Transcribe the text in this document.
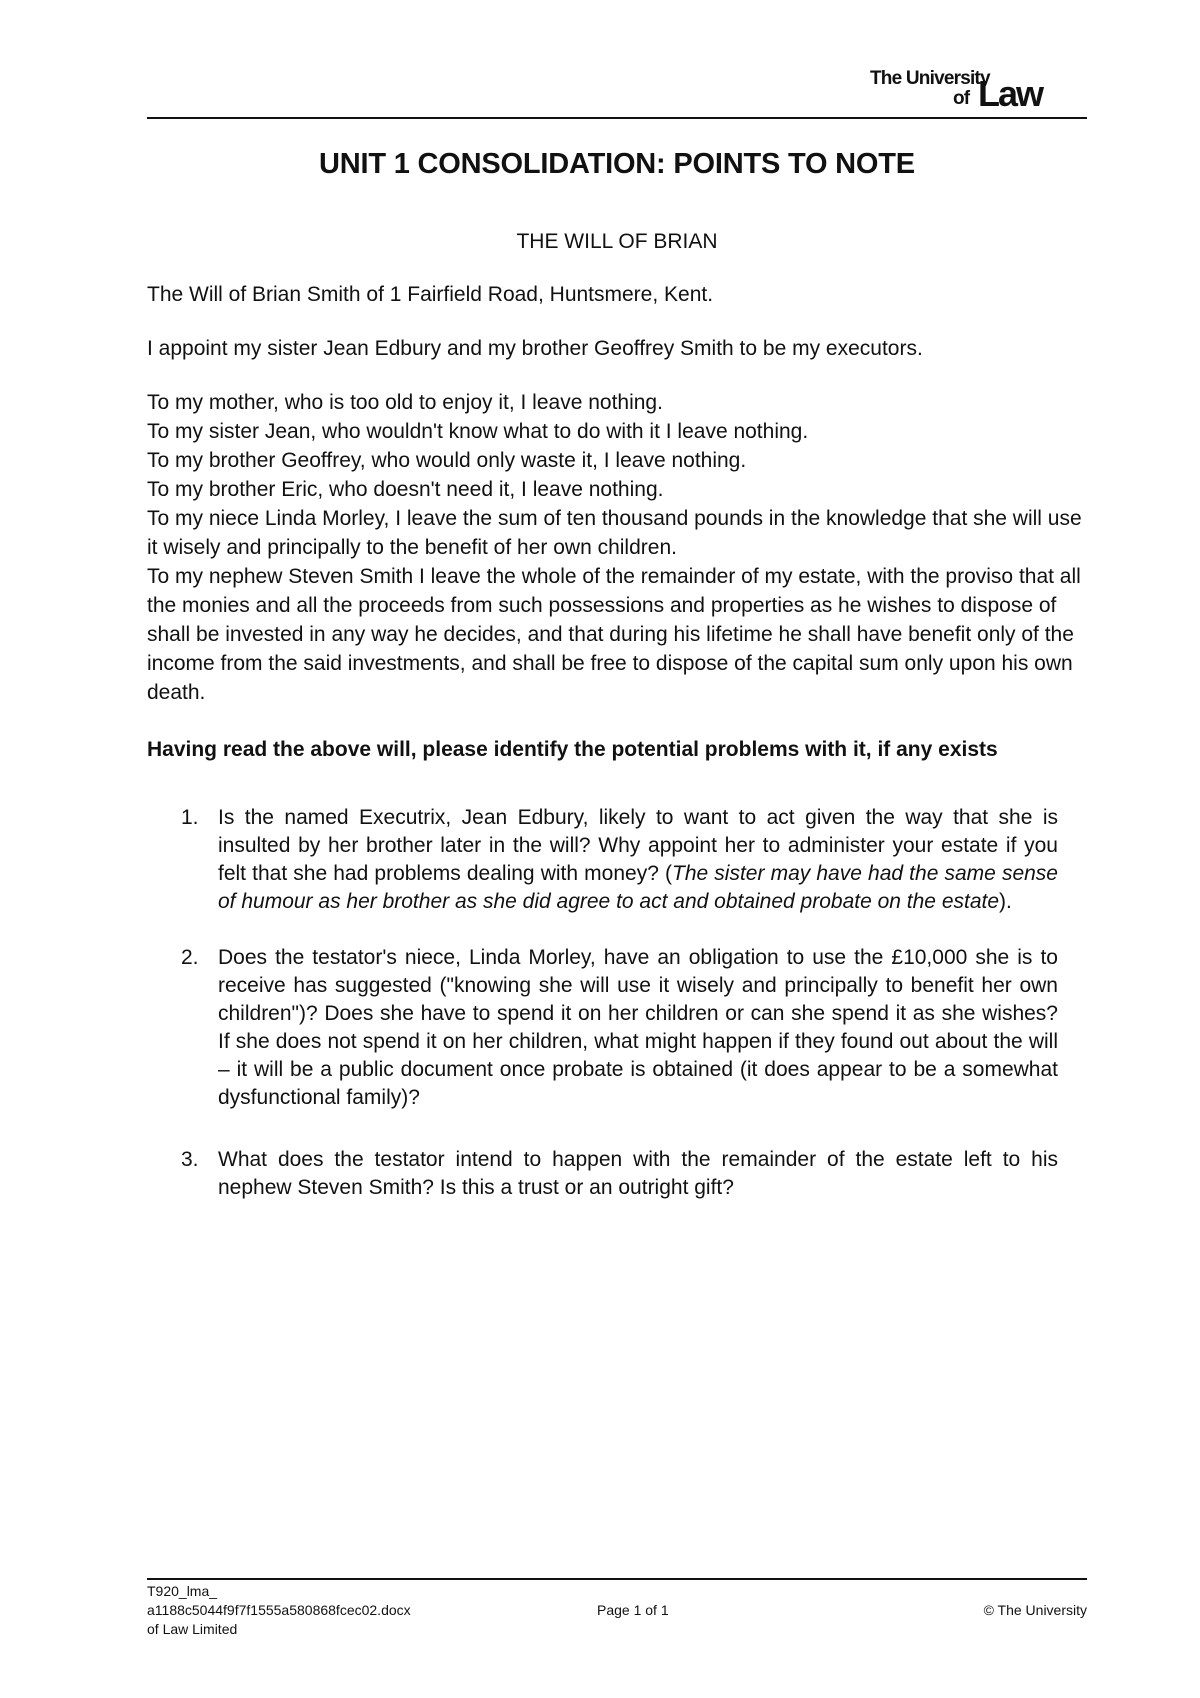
The University
of Law
UNIT 1 CONSOLIDATION: POINTS TO NOTE
THE WILL OF BRIAN

The Will of Brian Smith of 1 Fairfield Road, Huntsmere, Kent.

I appoint my sister Jean Edbury and my brother Geoffrey Smith to be my executors.

To my mother, who is too old to enjoy it, I leave nothing.

To my sister Jean, who wouldn't know what to do with it I leave nothing.

To my brother Geoffrey, who would only waste it, I leave nothing.

To my brother Eric, who doesn't need it, I leave nothing.

To my niece Linda Morley, I leave the sum of ten thousand pounds in the knowledge that she will use it wisely and principally to the benefit of her own children.

To my nephew Steven Smith I leave the whole of the remainder of my estate, with the proviso that all the monies and all the proceeds from such possessions and properties as he wishes to dispose of shall be invested in any way he decides, and that during his lifetime he shall have benefit only of the income from the said investments, and shall be free to dispose of the capital sum only upon his own death.

Having read the above will, please identify the potential problems with it, if any exists
1. Is the named Executrix, Jean Edbury, likely to want to act given the way that she is insulted by her brother later in the will? Why appoint her to administer your estate if you felt that she had problems dealing with money? (The sister may have had the same sense of humour as her brother as she did agree to act and obtained probate on the estate).
2. Does the testator's niece, Linda Morley, have an obligation to use the £10,000 she is to receive has suggested ("knowing she will use it wisely and principally to benefit her own children")? Does she have to spend it on her children or can she spend it as she wishes? If she does not spend it on her children, what might happen if they found out about the will – it will be a public document once probate is obtained (it does appear to be a somewhat dysfunctional family)?
3. What does the testator intend to happen with the remainder of the estate left to his nephew Steven Smith? Is this a trust or an outright gift?
T920_lma_ a1188c5044f9f7f1555a580868fcec02.docx	Page 1 of 1	© The University
of Law Limited
